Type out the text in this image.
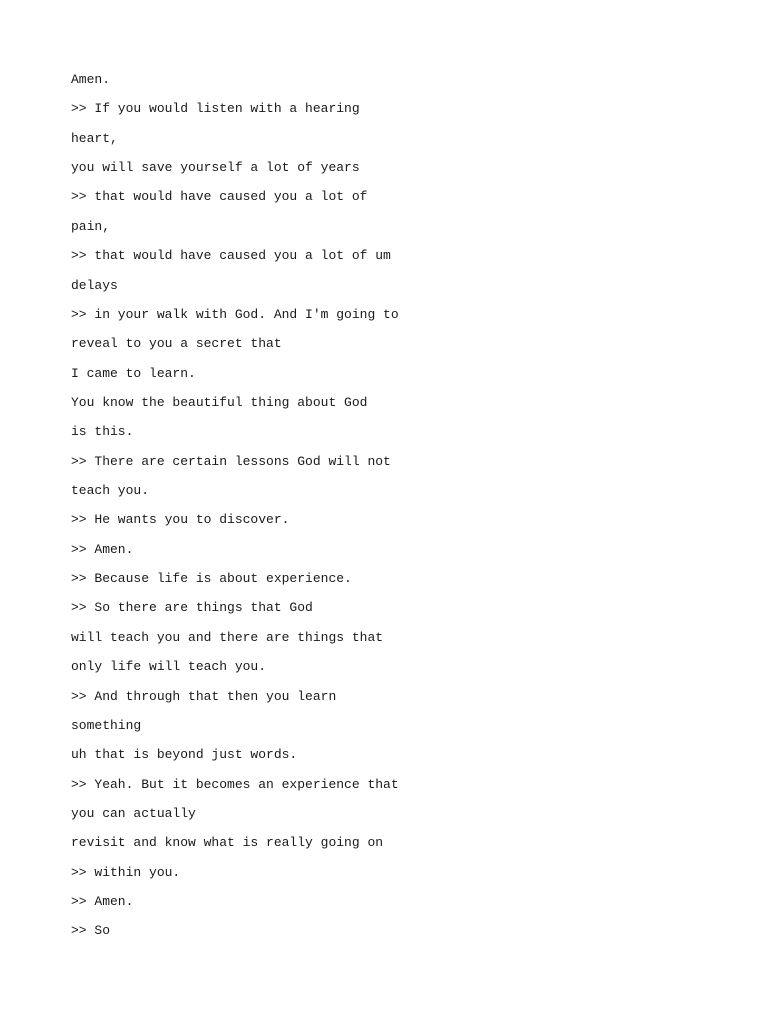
Amen.
>> If you would listen with a hearing
heart,
you will save yourself a lot of years
>> that would have caused you a lot of
pain,
>> that would have caused you a lot of um
delays
>> in your walk with God. And I'm going to
reveal to you a secret that
I came to learn.
You know the beautiful thing about God
is this.
>> There are certain lessons God will not
teach you.
>> He wants you to discover.
>> Amen.
>> Because life is about experience.
>> So there are things that God
will teach you and there are things that
only life will teach you.
>> And through that then you learn
something
uh that is beyond just words.
>> Yeah. But it becomes an experience that
you can actually
revisit and know what is really going on
>> within you.
>> Amen.
>> So
